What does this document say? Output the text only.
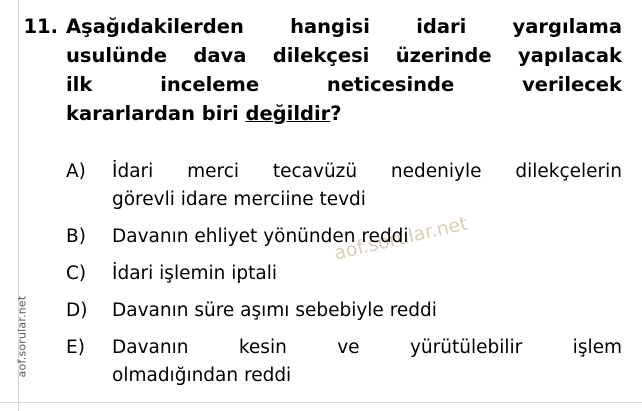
aof.sorular.net
aof.sorular.net
11. Aşağıdakilerden   hangisi   idari   yargılama
usulünde  dava  dilekçesi  üzerinde  yapılacak
ilk     inceleme     neticesinde     verilecek
kararlardan biri değildir?
A)	İdari  merci  tecavüzü  nedeniyle  dilekçelerin
görevli idare merciine tevdi
B)	Davanın ehliyet yönünden reddi
C)	İdari işlemin iptali
D)	Davanın süre aşımı sebebiyle reddi
E)	Davanın   kesin   ve   yürütülebilir   işlem
olmadığından reddi
